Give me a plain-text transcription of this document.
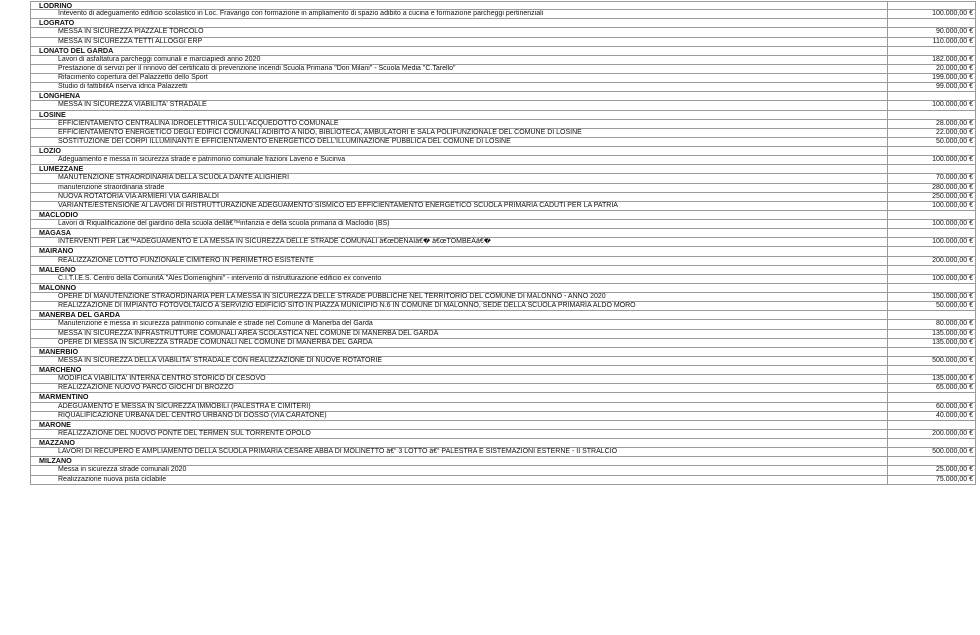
LODRINO
Intevento di adeguamento edificio scolastico in Loc. Fravango con formazione in ampliamento di spazio adibito a cucina e formazione parcheggi pertinenziali	100.000,00 €
LOGRATO
MESSA IN SICUREZZA PIAZZALE TORCOLO	90.000,00 €
MESSA IN SICUREZZA TETTI ALLOGGI ERP	110.000,00 €
LONATO DEL GARDA
Lavori di asfaltatura parcheggi comunali e marciapiedi anno 2020	182.000,00 €
Prestazione di servizi per il rinnovo del certificato di prevenzione incendi Scuola Primaria "Don Milani" - Scuola Media "C.Tarello"	20.000,00 €
Rifacimento copertura del Palazzetto dello Sport	199.000,00 €
Studio di fattibilitÃ riserva idrica Palazzetti	99.000,00 €
LONGHENA
MESSA IN SICUREZZA VIABILITA' STRADALE	100.000,00 €
LOSINE
EFFICIENTAMENTO CENTRALINA IDROELETTRICA SULL'ACQUEDOTTO COMUNALE	28.000,00 €
EFFICIENTAMENTO ENERGETICO DEGLI EDIFICI COMUNALI ADIBITO A NIDO, BIBLIOTECA, AMBULATORI E SALA POLIFUNZIONALE DEL COMUNE DI LOSINE	22.000,00 €
SOSTITUZIONE DEI CORPI ILLUMINANTI E EFFICIENTAMENTO ENERGETICO DELL'ILLUMINAZIONE PUBBLICA DEL COMUNE DI LOSINE	50.000,00 €
LOZIO
Adeguamento e messa in sicurezza strade e patrimonio comunale frazioni Laveno e Sucinva	100.000,00 €
LUMEZZANE
MANUTENZIONE STRAORDINARIA DELLA SCUOLA DANTE ALIGHIERI	70.000,00 €
manutenzione straordinaria strade	280.000,00 €
NUOVA ROTATORIA VIA ARMIERI VIA GARIBALDI	250.000,00 €
VARIANTE/ESTENSIONE AI LAVORI DI RISTRUTTURAZIONE ADEGUAMENTO SISMICO ED EFFICIENTAMENTO ENERGETICO SCUOLA PRIMARIA CADUTI PER LA PATRIA	100.000,00 €
MACLODIO
Lavori di Riqualificazione del giardino della scuola dellâ€™infanzia e della scuola primaria di Maclodio (BS)	100.000,00 €
MAGASA
INTERVENTI PER Lâ€™ADEGUAMENTO E LA MESSA IN SICUREZZA DELLE STRADE COMUNALI â€œDENAIâ€� â€œTOMBEAâ€�	100.000,00 €
MAIRANO
REALIZZAZIONE LOTTO FUNZIONALE CIMITERO IN PERIMETRO ESISTENTE	200.000,00 €
MALEGNO
C.I.T.I.E.S. Centro della ComunitÃ "Ales Domenighini" - intervento di ristrutturazione edificio ex convento	100.000,00 €
MALONNO
OPERE DI MANUTENZIONE STRAORDINARIA PER LA MESSA IN SICUREZZA DELLE STRADE PUBBLICHE NEL TERRITORIO DEL COMUNE DI MALONNO - ANNO 2020	150.000,00 €
REALIZZAZIONE DI IMPIANTO FOTOVOLTAICO A SERVIZIO EDIFICIO SITO IN PIAZZA MUNICIPIO N.6 IN COMUNE DI MALONNO, SEDE DELLA SCUOLA PRIMARIA ALDO MORO	50.000,00 €
MANERBA DEL GARDA
Manutenzione e messa in sicurezza patrimonio comunale e strade nel Comune di Manerba del Garda	80.000,00 €
MESSA IN SICUREZZA INFRASTRUTTURE COMUNALI AREA SCOLASTICA NEL COMUNE DI MANERBA DEL GARDA	135.000,00 €
OPERE DI MESSA IN SICUREZZA STRADE COMUNALI NEL COMUNE DI MANERBA DEL GARDA	135.000,00 €
MANERBIO
MESSA IN SICUREZZA DELLA VIABILITA' STRADALE CON REALIZZAZIONE DI NUOVE ROTATORIE	500.000,00 €
MARCHENO
MODIFICA VIABILITA' INTERNA CENTRO STORICO DI CESOVO	135.000,00 €
REALIZZAZIONE NUOVO PARCO GIOCHI DI BROZZO	65.000,00 €
MARMENTINO
ADEGUAMENTO E MESSA IN SICUREZZA IMMOBILI (PALESTRA E CIMITERI)	60.000,00 €
RIQUALIFICAZIONE URBANA DEL CENTRO URBANO DI DOSSO (VIA CARATONE)	40.000,00 €
MARONE
REALIZZAZIONE DEL NUOVO PONTE DEL TERMEN SUL TORRENTE OPOLO	200.000,00 €
MAZZANO
LAVORI DI RECUPERO E AMPLIAMENTO DELLA SCUOLA PRIMARIA CESARE ABBA DI MOLINETTO â€“ 3 LOTTO â€“ PALESTRA E SISTEMAZIONI ESTERNE - II STRALCIO	500.000,00 €
MILZANO
Messa in sicurezza strade comunali 2020	25.000,00 €
Realizzazione nuova pista ciclabile	75.000,00 €
